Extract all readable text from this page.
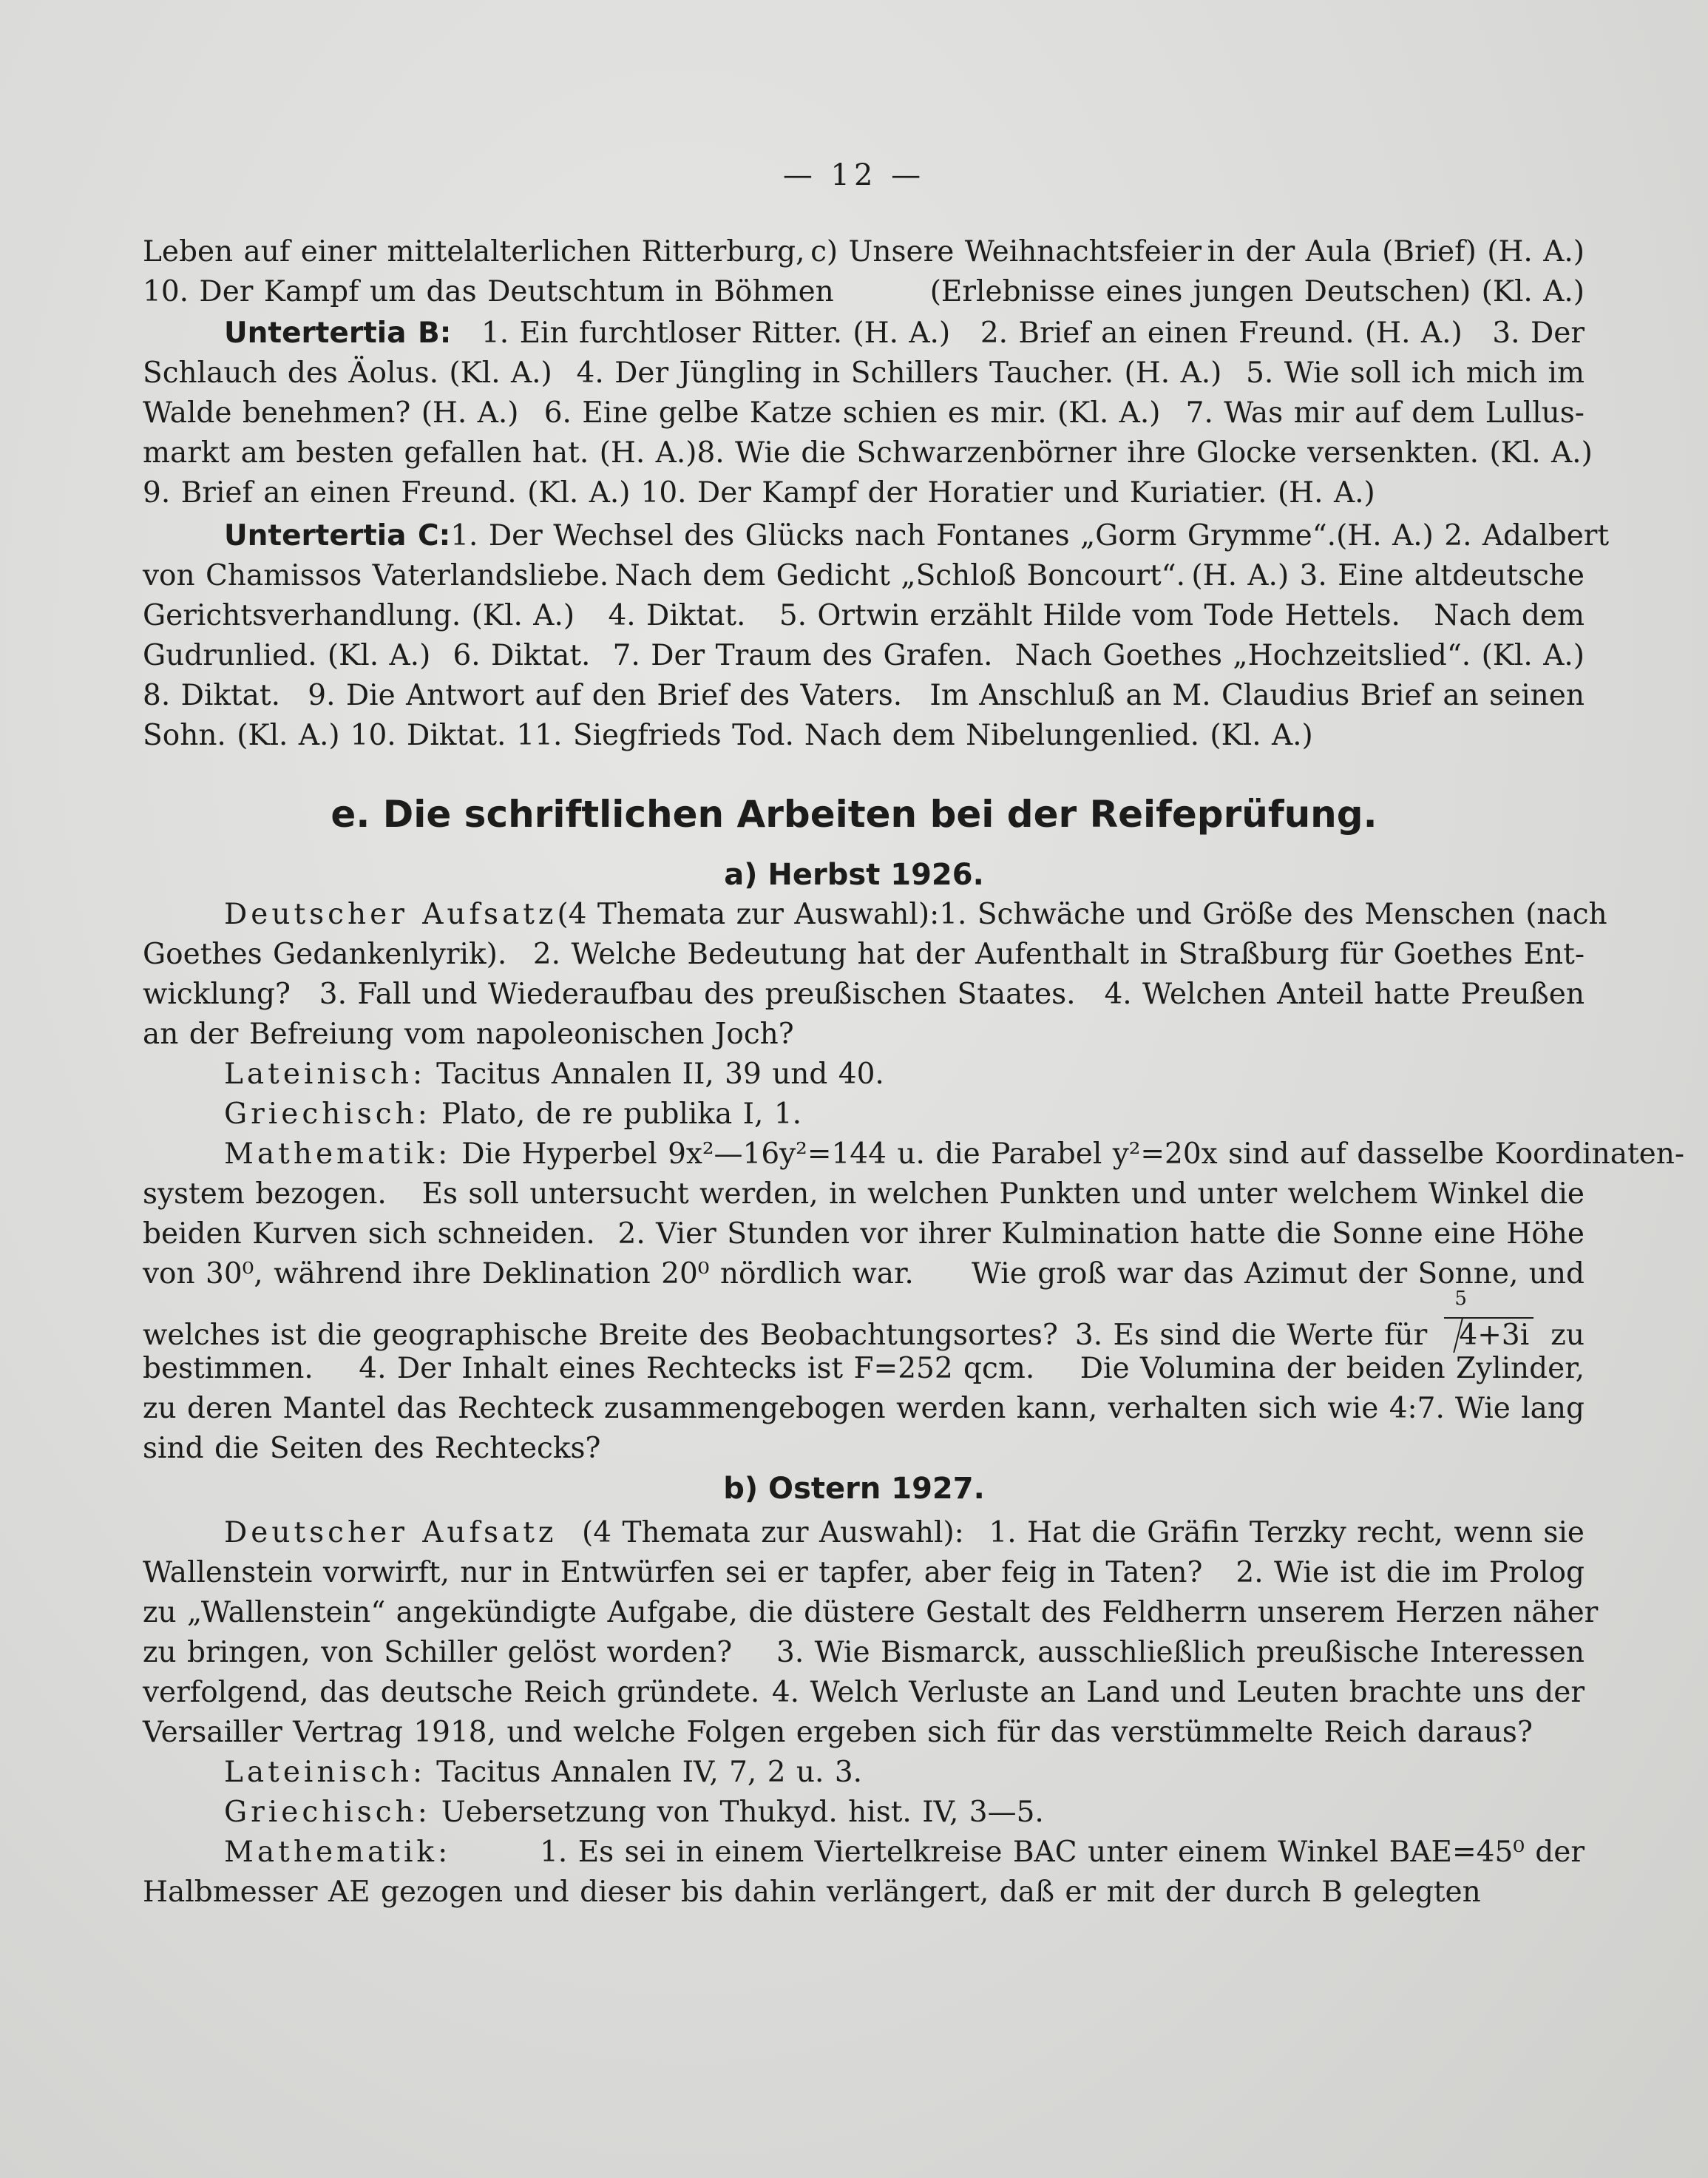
— 12 —
Leben auf einer mittelalterlichen Ritterburg, c) Unsere Weihnachtsfeier in der Aula (Brief) (H. A.)
10. Der Kampf um das Deutschtum in Böhmen	(Erlebnisse eines jungen Deutschen) (Kl. A.)
Untertertia B: 1. Ein furchtloser Ritter. (H. A.) 2. Brief an einen Freund. (H. A.) 3. Der
Schlauch des Äolus. (Kl. A.) 4. Der Jüngling in Schillers Taucher. (H. A.) 5. Wie soll ich mich im
Walde benehmen? (H. A.) 6. Eine gelbe Katze schien es mir. (Kl. A.) 7. Was mir auf dem Lullus-
markt am besten gefallen hat. (H. A.) 8. Wie die Schwarzenbörner ihre Glocke versenkten. (Kl. A.)
9. Brief an einen Freund. (Kl. A.) 10. Der Kampf der Horatier und Kuriatier. (H. A.)
Untertertia C: 1. Der Wechsel des Glücks nach Fontanes „Gorm Grymme“. (H. A.) 2. Adalbert
von Chamissos Vaterlandsliebe. Nach dem Gedicht „Schloß Boncourt“. (H. A.) 3. Eine altdeutsche
Gerichtsverhandlung. (Kl. A.) 4. Diktat. 5. Ortwin erzählt Hilde vom Tode Hettels. Nach dem
Gudrunlied. (Kl. A.) 6. Diktat. 7. Der Traum des Grafen. Nach Goethes „Hochzeitslied“. (Kl. A.)
8. Diktat. 9. Die Antwort auf den Brief des Vaters. Im Anschluß an M. Claudius Brief an seinen
Sohn. (Kl. A.) 10. Diktat. 11. Siegfrieds Tod. Nach dem Nibelungenlied. (Kl. A.)
e. Die schriftlichen Arbeiten bei der Reifeprüfung.
a) Herbst 1926.
Deutscher Aufsatz (4 Themata zur Auswahl): 1. Schwäche und Größe des Menschen (nach
Goethes Gedankenlyrik). 2. Welche Bedeutung hat der Aufenthalt in Straßburg für Goethes Ent-
wicklung? 3. Fall und Wiederaufbau des preußischen Staates. 4. Welchen Anteil hatte Preußen
an der Befreiung vom napoleonischen Joch?
Lateinisch: Tacitus Annalen II, 39 und 40.
Griechisch: Plato, de re publika I, 1.
Mathematik: Die Hyperbel 9x²—16y²=144 u. die Parabel y²=20x sind auf dasselbe Koordinaten-
system bezogen. Es soll untersucht werden, in welchen Punkten und unter welchem Winkel die
beiden Kurven sich schneiden. 2. Vier Stunden vor ihrer Kulmination hatte die Sonne eine Höhe
von 30⁰, während ihre Deklination 20⁰ nördlich war. Wie groß war das Azimut der Sonne, und
welches ist die geographische Breite des Beobachtungsortes? 3. Es sind die Werte für
5
4+3i zu
bestimmen. 4. Der Inhalt eines Rechtecks ist F=252 qcm. Die Volumina der beiden Zylinder,
zu deren Mantel das Rechteck zusammengebogen werden kann, verhalten sich wie 4:7. Wie lang
sind die Seiten des Rechtecks?
b) Ostern 1927.
Deutscher Aufsatz (4 Themata zur Auswahl): 1. Hat die Gräfin Terzky recht, wenn sie
Wallenstein vorwirft, nur in Entwürfen sei er tapfer, aber feig in Taten? 2. Wie ist die im Prolog
zu „Wallenstein“ angekündigte Aufgabe, die düstere Gestalt des Feldherrn unserem Herzen näher
zu bringen, von Schiller gelöst worden? 3. Wie Bismarck, ausschließlich preußische Interessen
verfolgend, das deutsche Reich gründete. 4. Welch Verluste an Land und Leuten brachte uns der
Versailler Vertrag 1918, und welche Folgen ergeben sich für das verstümmelte Reich daraus?
Lateinisch: Tacitus Annalen IV, 7, 2 u. 3.
Griechisch: Uebersetzung von Thukyd. hist. IV, 3—5.
Mathematik:	1. Es sei in einem Viertelkreise BAC unter einem Winkel BAE=45⁰ der
Halbmesser AE gezogen und dieser bis dahin verlängert, daß er mit der durch B gelegten
